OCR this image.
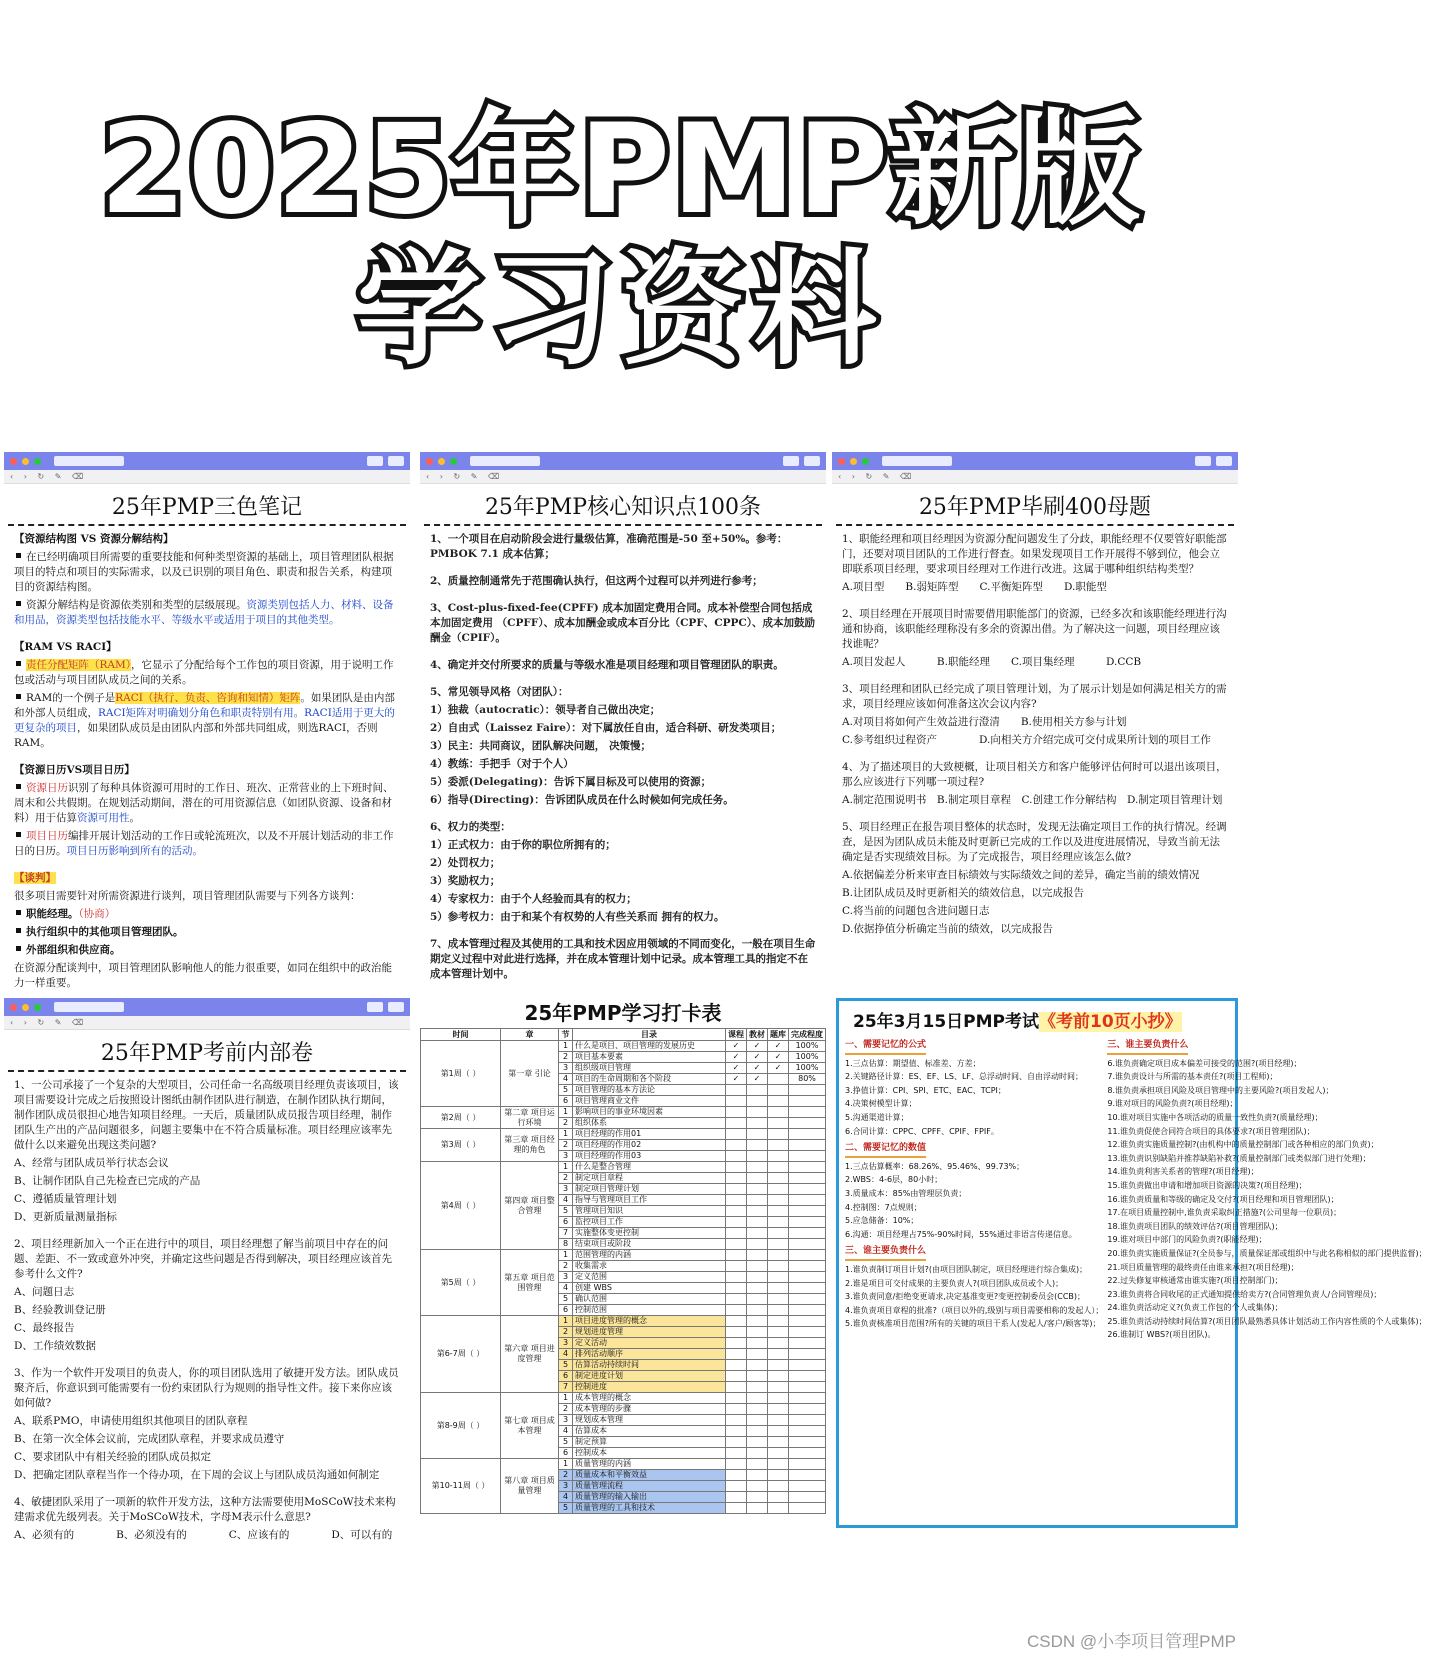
2025年PMP新版
学习资料
‹ › ↻ ✎ ⌫
25年PMP三色笔记

【资源结构图 VS 资源分解结构】

在已经明确项目所需要的重要技能和何种类型资源的基础上，项目管理团队根据项目的特点和项目的实际需求，以及已识别的项目角色、职责和报告关系，构建项目的资源结构图。

资源分解结构是资源依类别和类型的层级展现。资源类别包括人力、材料、设备和用品，资源类型包括技能水平、等级水平或适用于项目的其他类型。

【RAM VS RACI】

责任分配矩阵（RAM），它显示了分配给每个工作包的项目资源，用于说明工作包或活动与项目团队成员之间的关系。

RAM的一个例子是RACI（执行、负责、咨询和知情）矩阵。如果团队是由内部和外部人员组成，RACI矩阵对明确划分角色和职责特别有用。RACI适用于更大的更复杂的项目，如果团队成员是由团队内部和外部共同组成，则选RACI，否则RAM。

【资源日历VS项目日历】

资源日历识别了每种具体资源可用时的工作日、班次、正常营业的上下班时间、周末和公共假期。在规划活动期间，潜在的可用资源信息（如团队资源、设备和材料）用于估算资源可用性。

项目日历编排开展计划活动的工作日或轮流班次，以及不开展计划活动的非工作日的日历。项目日历影响到所有的活动。

【谈判】

很多项目需要针对所需资源进行谈判，项目管理团队需要与下列各方谈判：

职能经理。（协商）

执行组织中的其他项目管理团队。

外部组织和供应商。

在资源分配谈判中，项目管理团队影响他人的能力很重要，如同在组织中的政治能力一样重要。

‹ › ↻ ✎ ⌫
25年PMP核心知识点100条

1、一个项目在启动阶段会进行量级估算，准确范围是-50 至+50%。参考：PMBOK 7.1 成本估算；

2、质量控制通常先于范围确认执行，但这两个过程可以并列进行参考；

3、Cost-plus-fixed-fee(CPFF) 成本加固定费用合同。成本补偿型合同包括成本加固定费用 （CPFF）、成本加酬金或成本百分比（CPF、CPPC）、成本加鼓励酬金（CPIF）。

4、确定并交付所要求的质量与等级水准是项目经理和项目管理团队的职责。

5、常见领导风格（对团队）：

1）独裁（autocratic）：领导者自己做出决定；

2）自由式（Laissez Faire）：对下属放任自由，适合科研、研发类项目；

3）民主：共同商议，团队解决问题， 决策慢；

4）教练：手把手（对于个人）

5）委派(Delegating)：告诉下属目标及可以使用的资源；

6）指导(Directing)：告诉团队成员在什么时候如何完成任务。

6、权力的类型：

1）正式权力：由于你的职位所拥有的；

2）处罚权力；

3）奖励权力；

4）专家权力：由于个人经验而具有的权力；

5）参考权力：由于和某个有权势的人有些关系而 拥有的权力。

7、成本管理过程及其使用的工具和技术因应用领域的不同而变化，一般在项目生命期定义过程中对此进行选择，并在成本管理计划中记录。成本管理工具的指定不在成本管理计划中。

‹ › ↻ ✎ ⌫
25年PMP毕刷400母题

1、职能经理和项目经理因为资源分配问题发生了分歧，职能经理不仅要管好职能部门，还要对项目团队的工作进行督查。如果发现项目工作开展得不够到位，他会立即联系项目经理，要求项目经理对工作进行改进。这属于哪种组织结构类型？

A.项目型　　B.弱矩阵型　　C.平衡矩阵型　　D.职能型

2、项目经理在开展项目时需要借用职能部门的资源，已经多次和该职能经理进行沟通和协商，该职能经理称没有多余的资源出借。为了解决这一问题，项目经理应该找谁呢？

A.项目发起人　　　B.职能经理　　C.项目集经理　　　D.CCB

3、项目经理和团队已经完成了项目管理计划，为了展示计划是如何满足相关方的需求，项目经理应该如何准备这次会议内容?

A.对项目将如何产生效益进行澄清　　B.使用相关方参与计划

C.参考组织过程资产　　　　D.向相关方介绍完成可交付成果所计划的项目工作

4、为了描述项目的大致梗概，让项目相关方和客户能够评估何时可以退出该项目，那么应该进行下列哪一项过程?

A.制定范围说明书　B.制定项目章程　C.创建工作分解结构　D.制定项目管理计划

5、项目经理正在报告项目整体的状态时，发现无法确定项目工作的执行情况。经调查，是因为团队成员未能及时更新已完成的工作以及进度进展情况，导致当前无法确定是否实现绩效目标。为了完成报告，项目经理应该怎么做?

A.依据偏差分析来审查目标绩效与实际绩效之间的差异，确定当前的绩效情况

B.让团队成员及时更新相关的绩效信息，以完成报告

C.将当前的问题包含进问题日志

D.依据挣值分析确定当前的绩效，以完成报告

‹ › ↻ ✎ ⌫
25年PMP考前内部卷

1、一公司承接了一个复杂的大型项目，公司任命一名高级项目经理负责该项目，该项目需要设计完成之后按照设计图纸由制作团队进行制造，在制作团队执行期间，制作团队成员很担心地告知项目经理。一天后，质量团队成员报告项目经理，制作团队生产出的产品问题很多，问题主要集中在不符合质量标准。项目经理应该率先做什么以来避免出现这类问题?

A、经常与团队成员举行状态会议

B、让制作团队自己先检查已完成的产品

C、遵循质量管理计划

D、更新质量测量指标

2、项目经理新加入一个正在进行中的项目，项目经理想了解当前项目中存在的问题、差距、不一致或意外冲突，并确定这些问题是否得到解决，项目经理应该首先参考什么文件?

A、问题日志

B、经验教训登记册

C、最终报告

D、工作绩效数据

3、作为一个软件开发项目的负责人，你的项目团队选用了敏捷开发方法。团队成员聚齐后，你意识到可能需要有一份约束团队行为规则的指导性文件。接下来你应该如何做?

A、联系PMO，申请使用组织其他项目的团队章程

B、在第一次全体会议前，完成团队章程，并要求成员遵守

C、要求团队中有相关经验的团队成员拟定

D、把确定团队章程当作一个待办项，在下周的会议上与团队成员沟通如何制定

4、敏捷团队采用了一项新的软件开发方法，这种方法需要使用MoSCoW技术来构建需求优先级列表。关于MoSCoW技术，字母M表示什么意思?

A、必须有的　　　　B、必须没有的　　　　C、应该有的　　　　D、可以有的

25年PMP学习打卡表
时间	章	节	目录	课程	教材	题库	完成程度
第1周（ ）	第一章 引论	1	什么是项目、项目管理的发展历史	✓	✓	✓	100%
		2	项目基本要素	✓	✓	✓	100%
		3	组织级项目管理	✓	✓	✓	100%
		4	项目的生命周期和各个阶段	✓	✓		80%
		5	项目管理的基本方法论				
		6	项目管理商业文件				
第2周（ ）	第二章 项目运行环境	1	影响项目的事业环境因素				
		2	组织体系				
第3周（ ）	第三章 项目经理的角色	1	项目经理的作用01				
		2	项目经理的作用02				
		3	项目经理的作用03				
第4周（ ）	第四章 项目整合管理	1	什么是整合管理				
		2	制定项目章程				
		3	制定项目管理计划				
		4	指导与管理项目工作				
		5	管理项目知识				
		6	监控项目工作				
		7	实施整体变更控制				
		8	结束项目或阶段				
第5周（ ）	第五章 项目范围管理	1	范围管理的内涵				
		2	收集需求				
		3	定义范围				
		4	创建 WBS				
		5	确认范围				
		6	控制范围				
第6-7周（ ）	第六章 项目进度管理	1	项目进度管理的概念				
		2	规划进度管理				
		3	定义活动				
		4	排列活动顺序				
		5	估算活动持续时间				
		6	制定进度计划				
		7	控制进度				
第8-9周（ ）	第七章 项目成本管理	1	成本管理的概念				
		2	成本管理的步骤				
		3	规划成本管理				
		4	估算成本				
		5	制定预算				
		6	控制成本				
第10-11周（ ）	第八章 项目质量管理	1	质量管理的内涵				
		2	质量成本和平衡效益				
		3	质量管理流程				
		4	质量管理的输入输出				
		5	质量管理的工具和技术				
25年3月15日PMP考试《考前10页小抄》
一、需要记忆的公式

1.三点估算：期望值、标准差、方差；
2.关键路径计算：ES、EF、LS、LF、总浮动时间、自由浮动时间；
3.挣值计算：CPI、SPI、ETC、EAC、TCPI；
4.决策树模型计算；
5.沟通渠道计算；
6.合同计算：CPPC、CPFF、CPIF、FPIF。
二、需要记忆的数值

1.三点估算概率：68.26%、95.46%、99.73%；
2.WBS：4-6层，80小时；
3.质量成本：85%由管理层负责；
4.控制图：7点规则；
5.应急储备：10%；
6.沟通：项目经理占75%-90%时间，55%通过非语言传递信息。
三、谁主要负责什么

1.谁负责制订项目计划?(由项目团队制定，项目经理进行综合集成)；
2.谁是项目可交付成果的主要负责人?(项目团队成员或个人)；
3.谁负责同意/拒绝变更请求,决定基准变更?变更控制委员会(CCB)；
4.谁负责项目章程的批准?（项目以外的,级别与项目需要相称的发起人）；
5.谁负责核准项目范围?所有的关键的项目干系人(发起人/客户/顾客等)；
三、谁主要负责什么

6.谁负责确定项目成本偏差可接受的范围?(项目经理)；
7.谁负责设计与所需的基本责任?(项目工程师)；
8.谁负责承担项目风险及项目管理中的主要风险?(项目发起人)；
9.谁对项目的风险负责?(项目经理)；
10.谁对项目实施中各项活动的质量一致性负责?(质量经理)；
11.谁负责促使合同符合项目的具体要求?(项目管理团队)；
12.谁负责实施质量控制?(由机构中的质量控制部门或各种相应的部门负责)；
13.谁负责识别缺陷并推荐缺陷补救?(质量控制部门或类似部门进行处理)；
14.谁负责利害关系者的管理?(项目经理)；
15.谁负责做出申请和增加项目资源的决策?(项目经理)；
16.谁负责质量和等级的确定及交付?(项目经理和项目管理团队)；
17.在项目质量控制中,谁负责采取纠正措施?(公司里每一位职员)；
18.谁负责项目团队的绩效评估?(项目管理团队)；
19.谁对项目中部门的风险负责?(职能经理)；
20.谁负责实施质量保证?(全员参与，质量保证部或组织中与此名称相似的部门提供监督)；
21.项目质量管理的最终责任由谁来承担?(项目经理)；
22.过失修复审核通常由谁实施?(项目控制部门)；
23.谁负责将合同收尾的正式通知提供给卖方?(合同管理负责人/合同管理员)；
24.谁负责活动定义?(负责工作包的个人或集体)；
25.谁负责活动持续时间估算?(项目团队最熟悉具体计划活动工作内容性质的个人或集体)；
26.谁制订 WBS?(项目团队)。
CSDN @小李项目管理PMP
